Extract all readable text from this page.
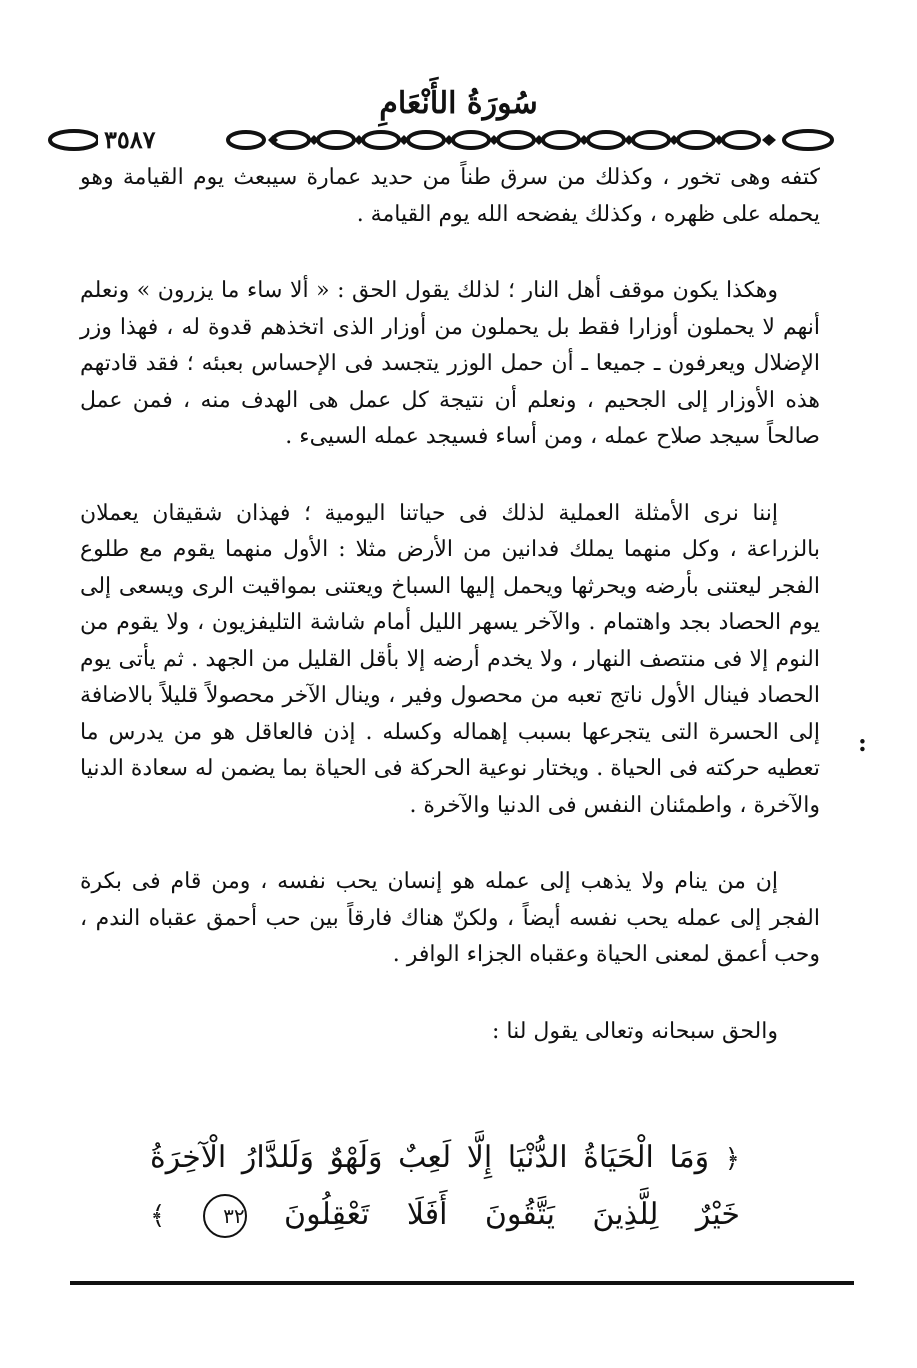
سُورَةُ الأَنْعَامِ
٣٥٨٧

كتفه وهى تخور ، وكذلك من سرق طناً من حديد عمارة سيبعث يوم القيامة وهو يحمله على ظهره ، وكذلك يفضحه الله يوم القيامة .

وهكذا يكون موقف أهل النار ؛ لذلك يقول الحق : « ألا ساء ما يزرون » ونعلم أنهم لا يحملون أوزارا فقط بل يحملون من أوزار الذى اتخذهم قدوة له ، فهذا وزر الإضلال ويعرفون ـ جميعا ـ أن حمل الوزر يتجسد فى الإحساس بعبئه ؛ فقد قادتهم هذه الأوزار إلى الجحيم ، ونعلم أن نتيجة كل عمل هى الهدف منه ، فمن عمل صالحاً سيجد صلاح عمله ، ومن أساء فسيجد عمله السيىء .

إننا نرى الأمثلة العملية لذلك فى حياتنا اليومية ؛ فهذان شقيقان يعملان بالزراعة ، وكل منهما يملك فدانين من الأرض مثلا : الأول منهما يقوم مع طلوع الفجر ليعتنى بأرضه ويحرثها ويحمل إليها السباخ ويعتنى بمواقيت الرى ويسعى إلى يوم الحصاد بجد واهتمام . والآخر يسهر الليل أمام شاشة التليفزيون ، ولا يقوم من النوم إلا فى منتصف النهار ، ولا يخدم أرضه إلا بأقل القليل من الجهد . ثم يأتى يوم الحصاد فينال الأول ناتج تعبه من محصول وفير ، وينال الآخر محصولاً قليلاً بالاضافة إلى الحسرة التى يتجرعها بسبب إهماله وكسله . إذن فالعاقل هو من يدرس ما تعطيه حركته فى الحياة . ويختار نوعية الحركة فى الحياة بما يضمن له سعادة الدنيا والآخرة ، واطمئنان النفس فى الدنيا والآخرة .

إن من ينام ولا يذهب إلى عمله هو إنسان يحب نفسه ، ومن قام فى بكرة الفجر إلى عمله يحب نفسه أيضاً ، ولكنّ هناك فارقاً بين حب أحمق عقباه الندم ، وحب أعمق لمعنى الحياة وعقباه الجزاء الوافر .

والحق سبحانه وتعالى يقول لنا :

:
﴿ وَمَا الْحَيَاةُ الدُّنْيَا إِلَّا لَعِبٌ وَلَهْوٌ وَلَلدَّارُ الْآخِرَةُ خَيْرٌ لِلَّذِينَ يَتَّقُونَ أَفَلَا تَعْقِلُونَ ٣٢ ﴾
